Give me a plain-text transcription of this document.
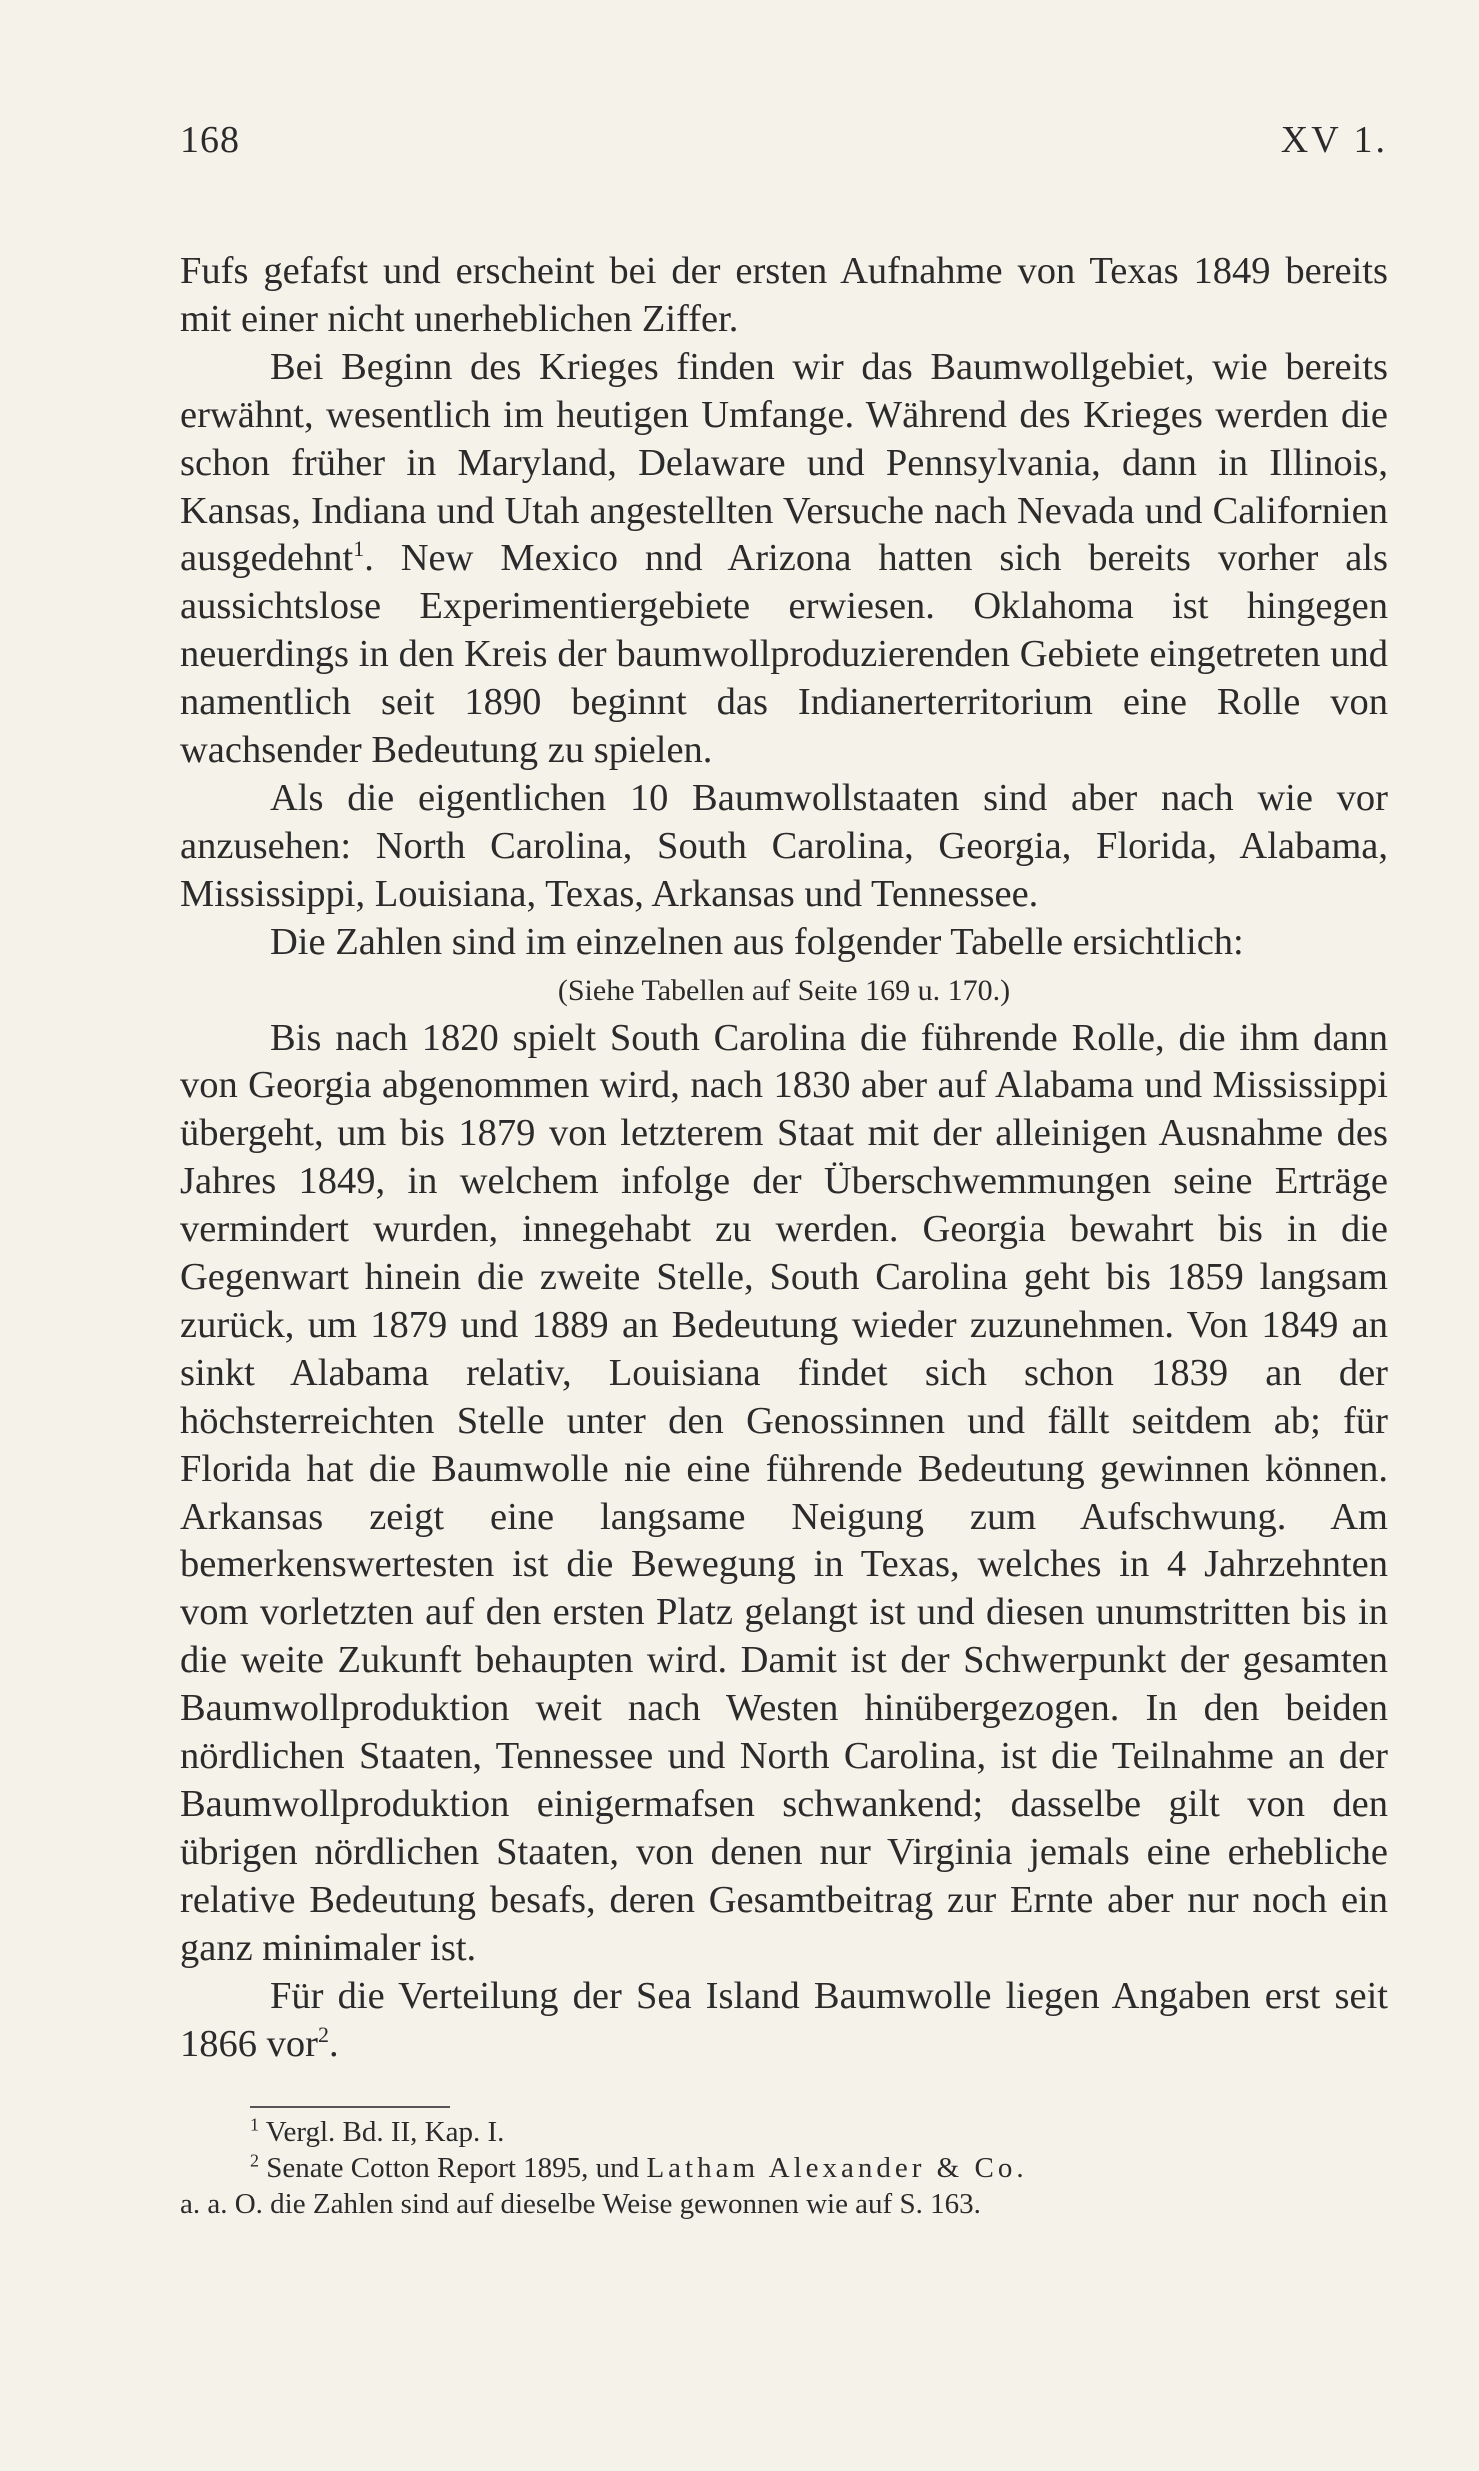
168	XV 1.

Fufs gefafst und erscheint bei der ersten Aufnahme von Texas 1849 bereits mit einer nicht unerheblichen Ziffer.

Bei Beginn des Krieges finden wir das Baumwollgebiet, wie bereits erwähnt, wesentlich im heutigen Umfange. Während des Krieges werden die schon früher in Maryland, Delaware und Pennsylvania, dann in Illinois, Kansas, Indiana und Utah angestellten Versuche nach Nevada und Californien ausgedehnt$^1$. New Mexico nnd Arizona hatten sich bereits vorher als aussichtslose Experimentiergebiete erwiesen. Oklahoma ist hingegen neuerdings in den Kreis der baumwollproduzierenden Gebiete eingetreten und namentlich seit 1890 beginnt das Indianerterritorium eine Rolle von wachsender Bedeutung zu spielen.

Als die eigentlichen 10 Baumwollstaaten sind aber nach wie vor anzusehen: North Carolina, South Carolina, Georgia, Florida, Alabama, Mississippi, Louisiana, Texas, Arkansas und Tennessee.

Die Zahlen sind im einzelnen aus folgender Tabelle ersichtlich:

(Siehe Tabellen auf Seite 169 u. 170.)

Bis nach 1820 spielt South Carolina die führende Rolle, die ihm dann von Georgia abgenommen wird, nach 1830 aber auf Alabama und Mississippi übergeht, um bis 1879 von letzterem Staat mit der alleinigen Ausnahme des Jahres 1849, in welchem infolge der Überschwemmungen seine Erträge vermindert wurden, innegehabt zu werden. Georgia bewahrt bis in die Gegenwart hinein die zweite Stelle, South Carolina geht bis 1859 langsam zurück, um 1879 und 1889 an Bedeutung wieder zuzunehmen. Von 1849 an sinkt Alabama relativ, Louisiana findet sich schon 1839 an der höchsterreichten Stelle unter den Genossinnen und fällt seitdem ab; für Florida hat die Baumwolle nie eine führende Bedeutung gewinnen können. Arkansas zeigt eine langsame Neigung zum Aufschwung. Am bemerkenswertesten ist die Bewegung in Texas, welches in 4 Jahrzehnten vom vorletzten auf den ersten Platz gelangt ist und diesen unumstritten bis in die weite Zukunft behaupten wird. Damit ist der Schwerpunkt der gesamten Baumwollproduktion weit nach Westen hinübergezogen. In den beiden nördlichen Staaten, Tennessee und North Carolina, ist die Teilnahme an der Baumwollproduktion einigermafsen schwankend; dasselbe gilt von den übrigen nördlichen Staaten, von denen nur Virginia jemals eine erhebliche relative Bedeutung besafs, deren Gesamtbeitrag zur Ernte aber nur noch ein ganz minimaler ist.

Für die Verteilung der Sea Island Baumwolle liegen Angaben erst seit 1866 vor$^2$.

$^1$ Vergl. Bd. II, Kap. I.

$^2$ Senate Cotton Report 1895, und Latham Alexander & Co.

a. a. O. die Zahlen sind auf dieselbe Weise gewonnen wie auf S. 163.
